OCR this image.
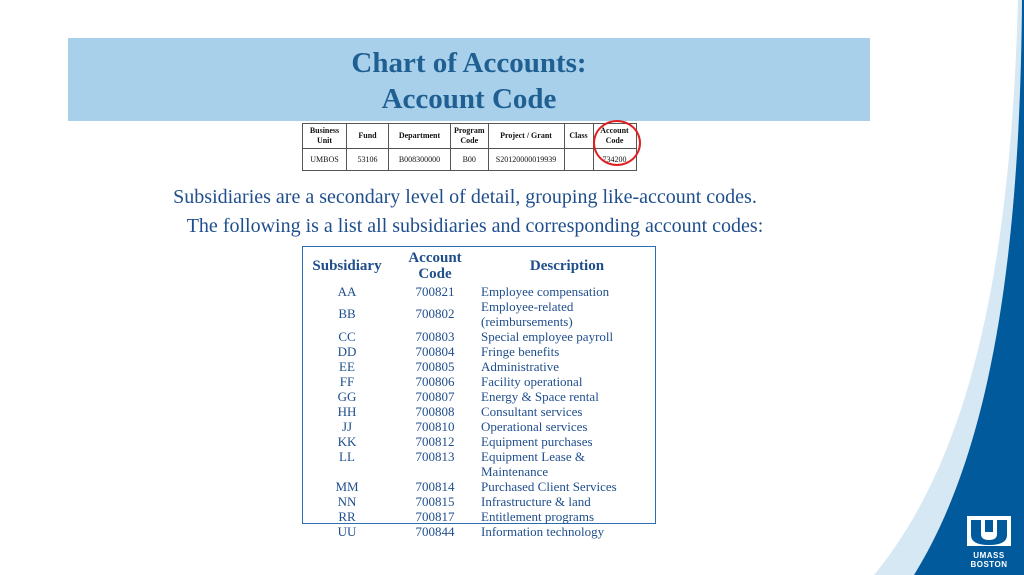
Chart of Accounts:
Account Code
Business Unit	Fund	Department	Program Code	Project / Grant	Class	Account Code
UMBOS	53106	B008300000	B00	S20120000019939		734200
Subsidiaries are a secondary level of detail, grouping like-account codes.
The following is a list all subsidiaries and corresponding account codes:
Subsidiary	Account Code	Description
AA	700821	Employee compensation
BB	700802	Employee-related (reimbursements)
CC	700803	Special employee payroll
DD	700804	Fringe benefits
EE	700805	Administrative
FF	700806	Facility operational
GG	700807	Energy & Space rental
HH	700808	Consultant services
JJ	700810	Operational services
KK	700812	Equipment purchases
LL	700813	Equipment Lease & Maintenance
MM	700814	Purchased Client Services
NN	700815	Infrastructure & land
RR	700817	Entitlement programs
UU	700844	Information technology
UMASS
BOSTON
